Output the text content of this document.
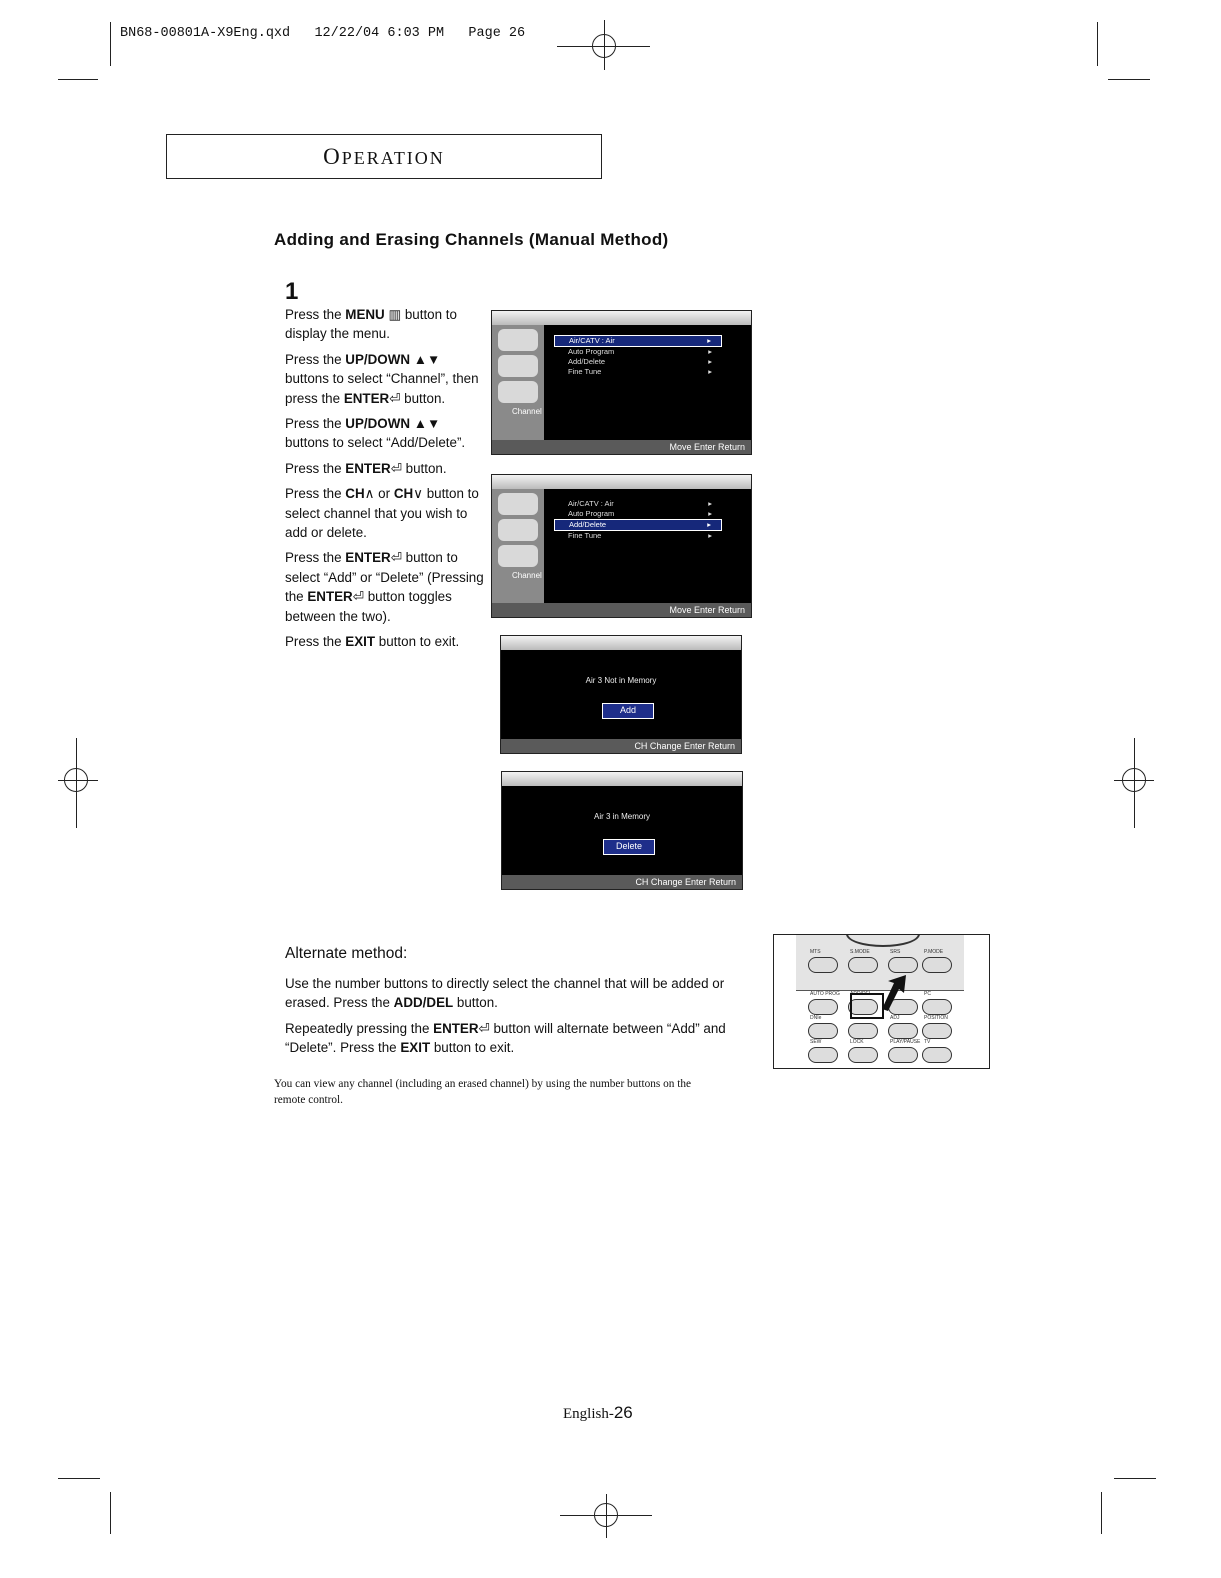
BN68-00801A-X9Eng.qxd 12/22/04 6:03 PM Page 26
OPERATION
Adding and Erasing Channels (Manual Method)
1

Press the MENU ▥ button to display the menu.

Press the UP/DOWN ▲▼ buttons to select “Channel”, then press the ENTER⏎ button.

Press the UP/DOWN ▲▼ buttons to select “Add/Delete”.

Press the ENTER⏎ button.

Press the CH∧ or CH∨ button to select channel that you wish to add or delete.

Press the ENTER⏎ button to select “Add” or “Delete” (Pressing the ENTER⏎ button toggles between the two).

Press the EXIT button to exit.

Channel
Air/CATV : Air	▸
Auto Program	▸
Add/Delete	▸
Fine Tune	▸
Move Enter Return
Channel
Air/CATV : Air	▸
Auto Program	▸
Add/Delete	▸
Fine Tune	▸
Move Enter Return
Air 3 Not in Memory
Add
CH Change Enter Return
Air 3 in Memory
Delete
CH Change Enter Return
Alternate method:
Use the number buttons to directly select the channel that will be added or erased. Press the ADD/DEL button.
Repeatedly pressing the ENTER⏎ button will alternate between “Add” and “Delete”. Press the EXIT button to exit.
MTS	S.MODE	SRS	P.MODE
AUTO PROG ADD/DEL	PC
DNIe	ADJ	POSITION
SEW	LOCK	PLAY/PAUSE TV
You can view any channel (including an erased channel) by using the number buttons on the remote control.
English-26
